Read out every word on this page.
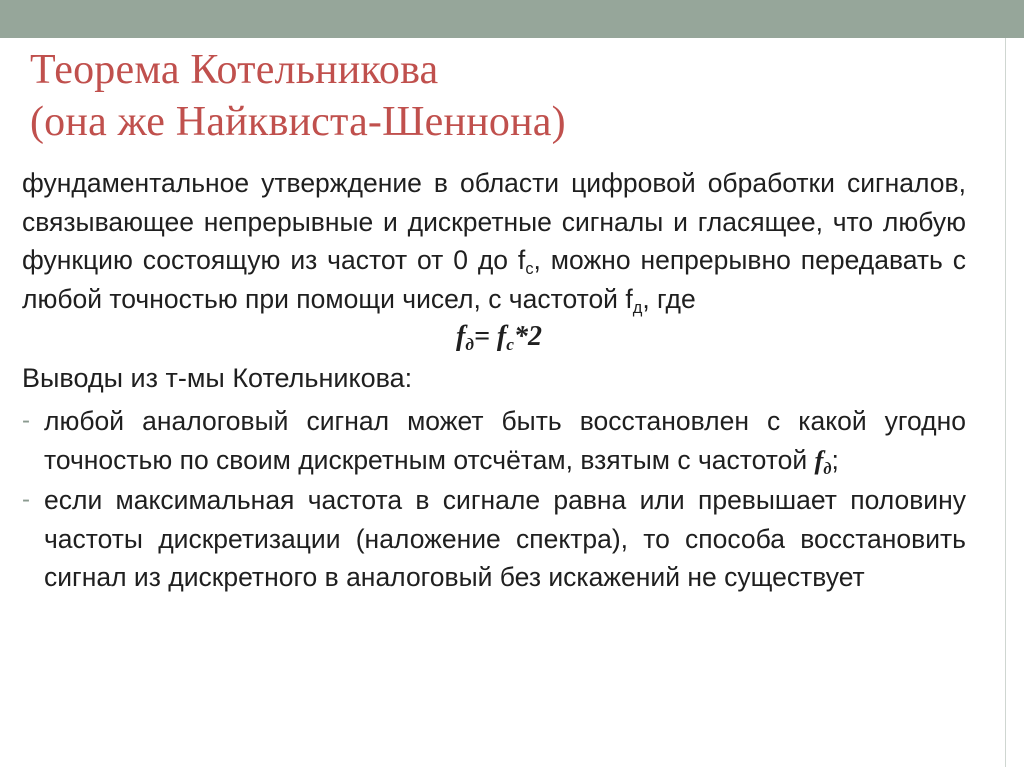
Теорема Котельникова
(она же Найквиста-Шеннона)

фундаментальное утверждение в области цифровой обработки сигналов, связывающее непрерывные и дискретные сигналы и гласящее, что любую функцию состоящую из частот от 0 до $f_c$, можно непрерывно передавать с любой точностью при помощи чисел, с частотой $f_д$, где

$f_д= f_c*2$

Выводы из т-мы Котельникова:

- любой аналоговый сигнал может быть восстановлен с какой угодно точностью по своим дискретным отсчётам, взятым с частотой $f_д$;
- если максимальная частота в сигнале равна или превышает половину частоты дискретизации (наложение спектра), то способа восстановить сигнал из дискретного в аналоговый без искажений не существует
